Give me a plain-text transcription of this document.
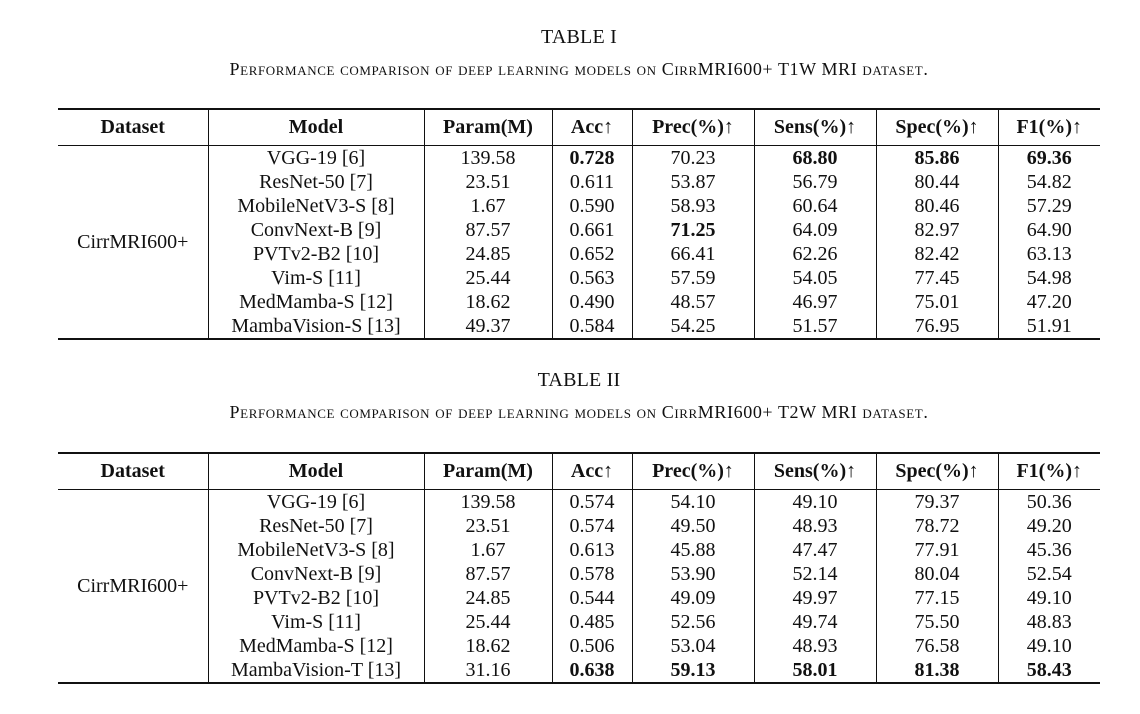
TABLE I
Performance comparison of deep learning models on CirrMRI600+ T1W MRI dataset.
Dataset	Model	Param(M)	Acc↑	Prec(%)↑	Sens(%)↑	Spec(%)↑	F1(%)↑
CirrMRI600+	VGG-19 [6]	139.58	0.728	70.23	68.80	85.86	69.36
	ResNet-50 [7]	23.51	0.611	53.87	56.79	80.44	54.82
	MobileNetV3-S [8]	1.67	0.590	58.93	60.64	80.46	57.29
	ConvNext-B [9]	87.57	0.661	71.25	64.09	82.97	64.90
	PVTv2-B2 [10]	24.85	0.652	66.41	62.26	82.42	63.13
	Vim-S [11]	25.44	0.563	57.59	54.05	77.45	54.98
	MedMamba-S [12]	18.62	0.490	48.57	46.97	75.01	47.20
	MambaVision-S [13]	49.37	0.584	54.25	51.57	76.95	51.91
TABLE II
Performance comparison of deep learning models on CirrMRI600+ T2W MRI dataset.
Dataset	Model	Param(M)	Acc↑	Prec(%)↑	Sens(%)↑	Spec(%)↑	F1(%)↑
CirrMRI600+	VGG-19 [6]	139.58	0.574	54.10	49.10	79.37	50.36
	ResNet-50 [7]	23.51	0.574	49.50	48.93	78.72	49.20
	MobileNetV3-S [8]	1.67	0.613	45.88	47.47	77.91	45.36
	ConvNext-B [9]	87.57	0.578	53.90	52.14	80.04	52.54
	PVTv2-B2 [10]	24.85	0.544	49.09	49.97	77.15	49.10
	Vim-S [11]	25.44	0.485	52.56	49.74	75.50	48.83
	MedMamba-S [12]	18.62	0.506	53.04	48.93	76.58	49.10
	MambaVision-T [13]	31.16	0.638	59.13	58.01	81.38	58.43
